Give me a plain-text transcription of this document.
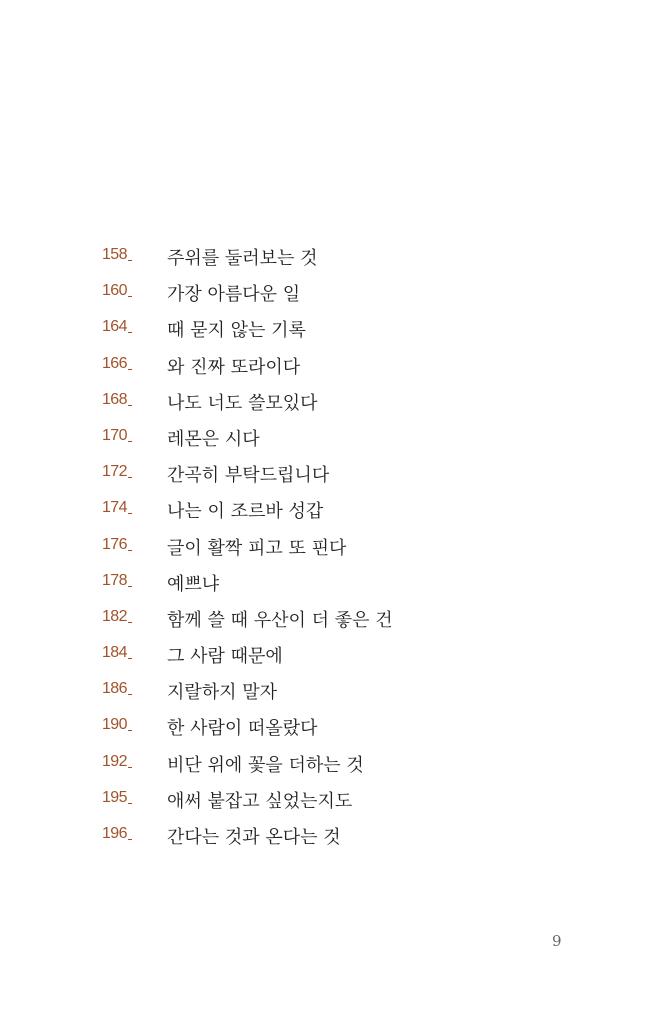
158 주위를 둘러보는 것
160 가장 아름다운 일
164 때 묻지 않는 기록
166 와 진짜 또라이다
168 나도 너도 쓸모있다
170 레몬은 시다
172 간곡히 부탁드립니다
174 나는 이 조르바 성갑
176 글이 활짝 피고 또 핀다
178 예쁘냐
182 함께 쓸 때 우산이 더 좋은 건
184 그 사람 때문에
186 지랄하지 말자
190 한 사람이 떠올랐다
192 비단 위에 꽃을 더하는 것
195 애써 붙잡고 싶었는지도
196 간다는 것과 온다는 것
9
